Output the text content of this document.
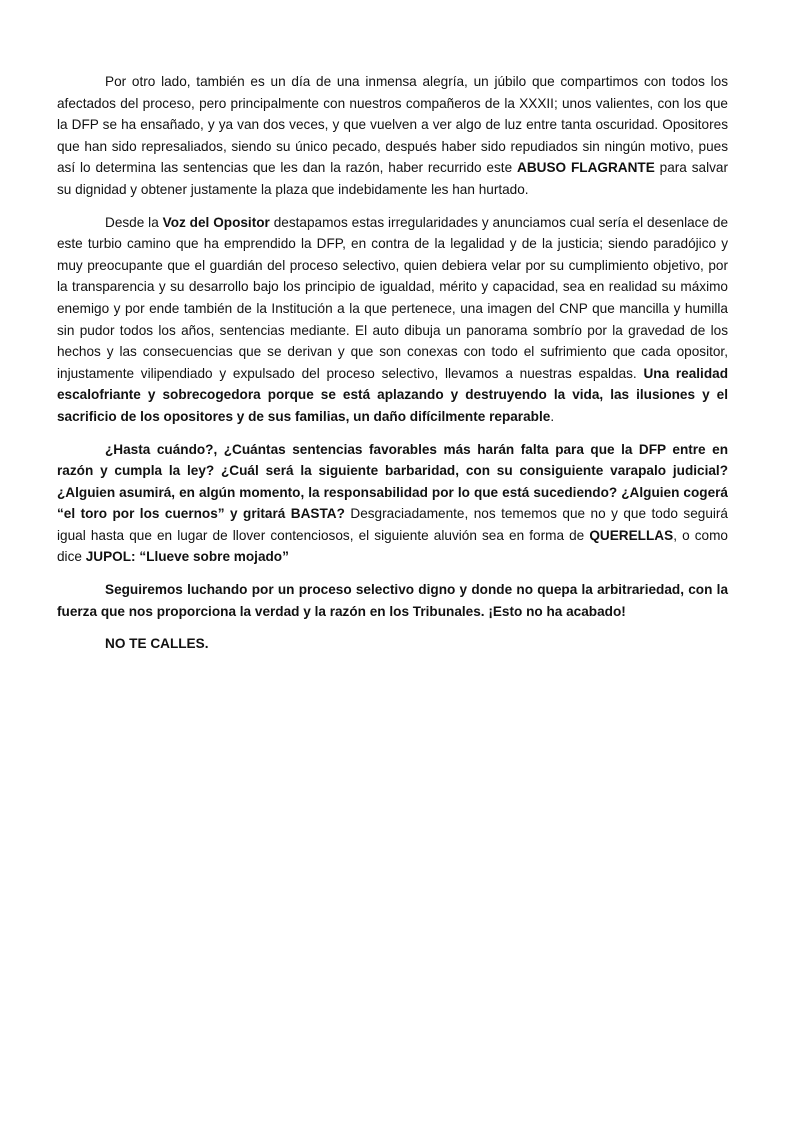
Por otro lado, también es un día de una inmensa alegría, un júbilo que compartimos con todos los afectados del proceso, pero principalmente con nuestros compañeros de la XXXII; unos valientes, con los que la DFP se ha ensañado, y ya van dos veces, y que vuelven a ver algo de luz entre tanta oscuridad. Opositores que han sido represaliados, siendo su único pecado, después haber sido repudiados sin ningún motivo, pues así lo determina las sentencias que les dan la razón, haber recurrido este ABUSO FLAGRANTE para salvar su dignidad y obtener justamente la plaza que indebidamente les han hurtado.

Desde la Voz del Opositor destapamos estas irregularidades y anunciamos cual sería el desenlace de este turbio camino que ha emprendido la DFP, en contra de la legalidad y de la justicia; siendo paradójico y muy preocupante que el guardián del proceso selectivo, quien debiera velar por su cumplimiento objetivo, por la transparencia y su desarrollo bajo los principio de igualdad, mérito y capacidad, sea en realidad su máximo enemigo y por ende también de la Institución a la que pertenece, una imagen del CNP que mancilla y humilla sin pudor todos los años, sentencias mediante. El auto dibuja un panorama sombrío por la gravedad de los hechos y las consecuencias que se derivan y que son conexas con todo el sufrimiento que cada opositor, injustamente vilipendiado y expulsado del proceso selectivo, llevamos a nuestras espaldas. Una realidad escalofriante y sobrecogedora porque se está aplazando y destruyendo la vida, las ilusiones y el sacrificio de los opositores y de sus familias, un daño difícilmente reparable.

¿Hasta cuándo?, ¿Cuántas sentencias favorables más harán falta para que la DFP entre en razón y cumpla la ley? ¿Cuál será la siguiente barbaridad, con su consiguiente varapalo judicial? ¿Alguien asumirá, en algún momento, la responsabilidad por lo que está sucediendo? ¿Alguien cogerá “el toro por los cuernos” y gritará BASTA? Desgraciadamente, nos tememos que no y que todo seguirá igual hasta que en lugar de llover contenciosos, el siguiente aluvión sea en forma de QUERELLAS, o como dice JUPOL: “Llueve sobre mojado”

Seguiremos luchando por un proceso selectivo digno y donde no quepa la arbitrariedad, con la fuerza que nos proporciona la verdad y la razón en los Tribunales. ¡Esto no ha acabado!

NO TE CALLES.
